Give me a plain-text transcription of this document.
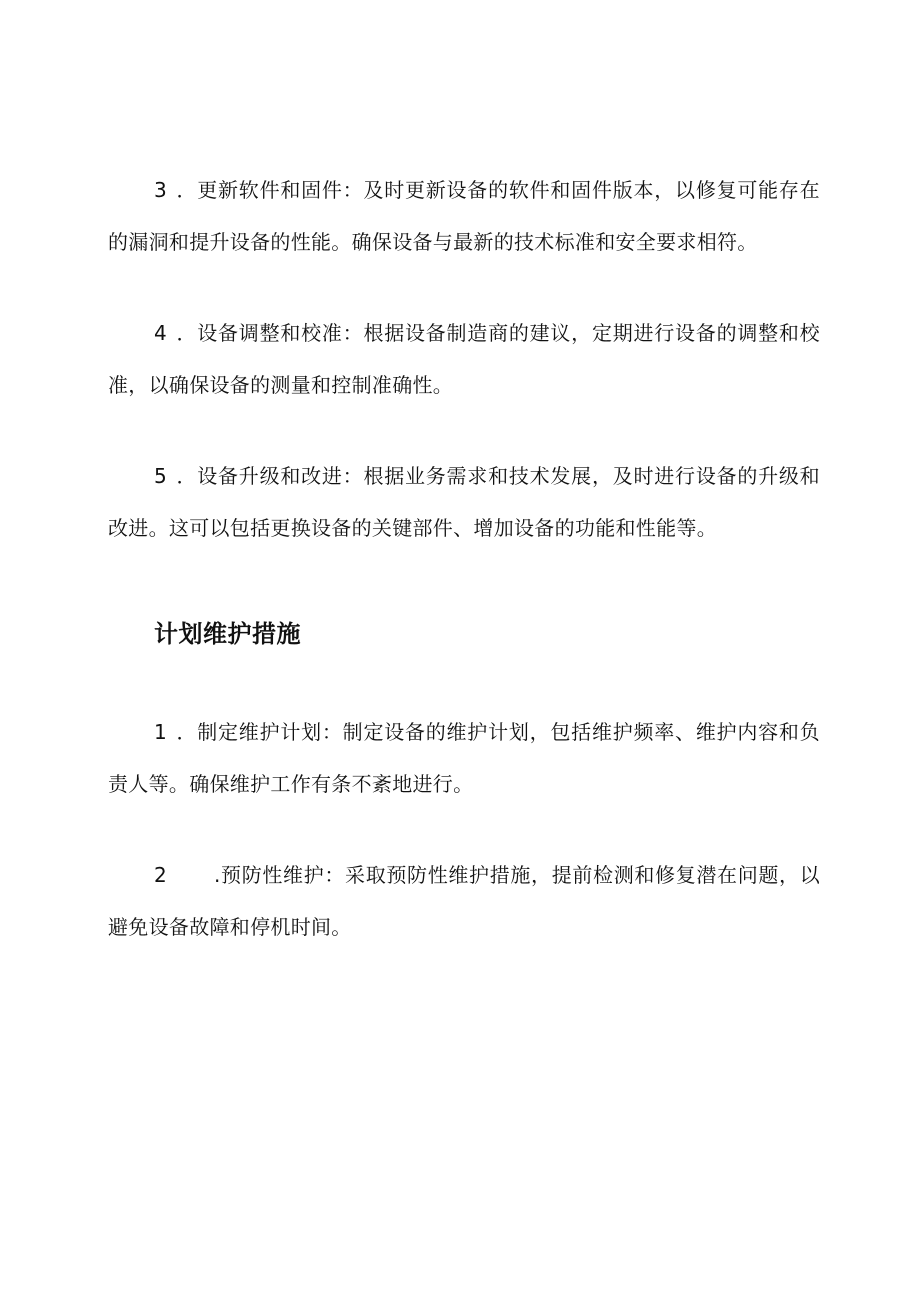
3 ．更新软件和固件：及时更新设备的软件和固件版本，以修复可能存在的漏洞和提升设备的性能。确保设备与最新的技术标准和安全要求相符。

4 ．设备调整和校准：根据设备制造商的建议，定期进行设备的调整和校准，以确保设备的测量和控制准确性。

5 ．设备升级和改进：根据业务需求和技术发展，及时进行设备的升级和改进。这可以包括更换设备的关键部件、增加设备的功能和性能等。

计划维护措施

1 ．制定维护计划：制定设备的维护计划，包括维护频率、维护内容和负责人等。确保维护工作有条不紊地进行。

2 .预防性维护：采取预防性维护措施，提前检测和修复潜在问题，以避免设备故障和停机时间。
